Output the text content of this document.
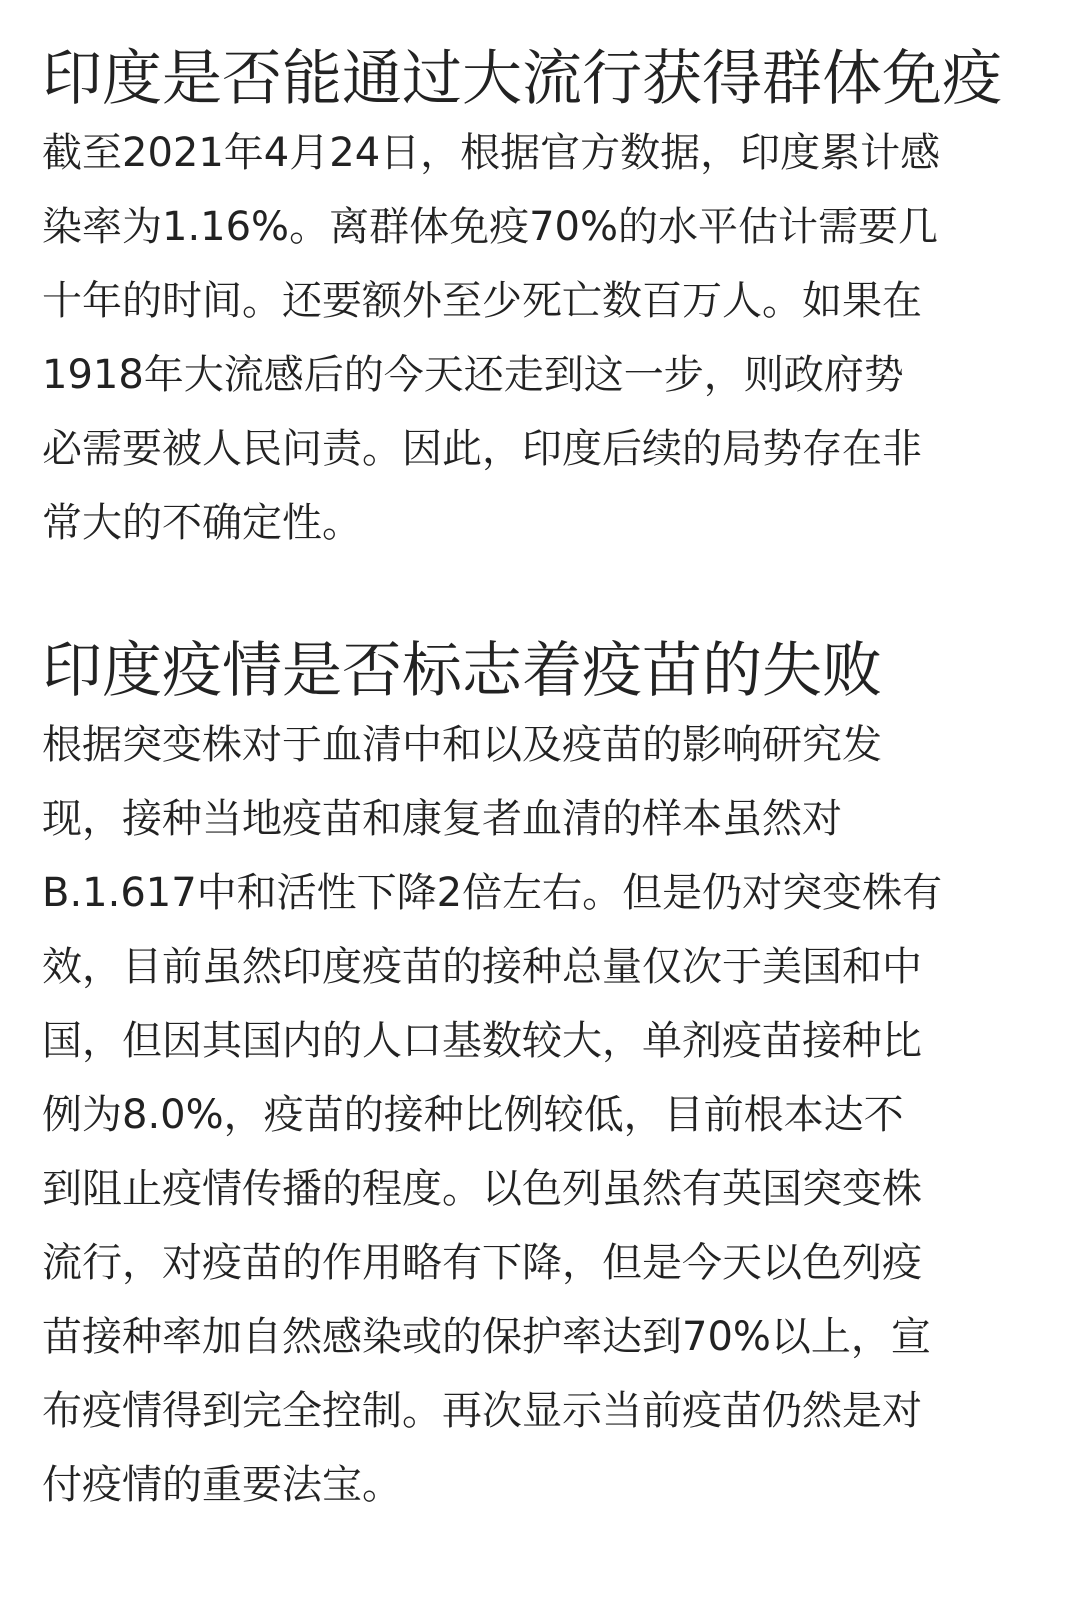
印度是否能通过大流行获得群体免疫
截至2021年4月24日，根据官方数据，印度累计感
染率为1.16%。离群体免疫70%的水平估计需要几
十年的时间。还要额外至少死亡数百万人。如果在
1918年大流感后的今天还走到这一步，则政府势
必需要被人民问责。因此，印度后续的局势存在非
常大的不确定性。
印度疫情是否标志着疫苗的失败
根据突变株对于血清中和以及疫苗的影响研究发
现，接种当地疫苗和康复者血清的样本虽然对
B.1.617中和活性下降2倍左右。但是仍对突变株有
效，目前虽然印度疫苗的接种总量仅次于美国和中
国，但因其国内的人口基数较大，单剂疫苗接种比
例为8.0%，疫苗的接种比例较低，目前根本达不
到阻止疫情传播的程度。以色列虽然有英国突变株
流行，对疫苗的作用略有下降，但是今天以色列疫
苗接种率加自然感染或的保护率达到70%以上，宣
布疫情得到完全控制。再次显示当前疫苗仍然是对
付疫情的重要法宝。
